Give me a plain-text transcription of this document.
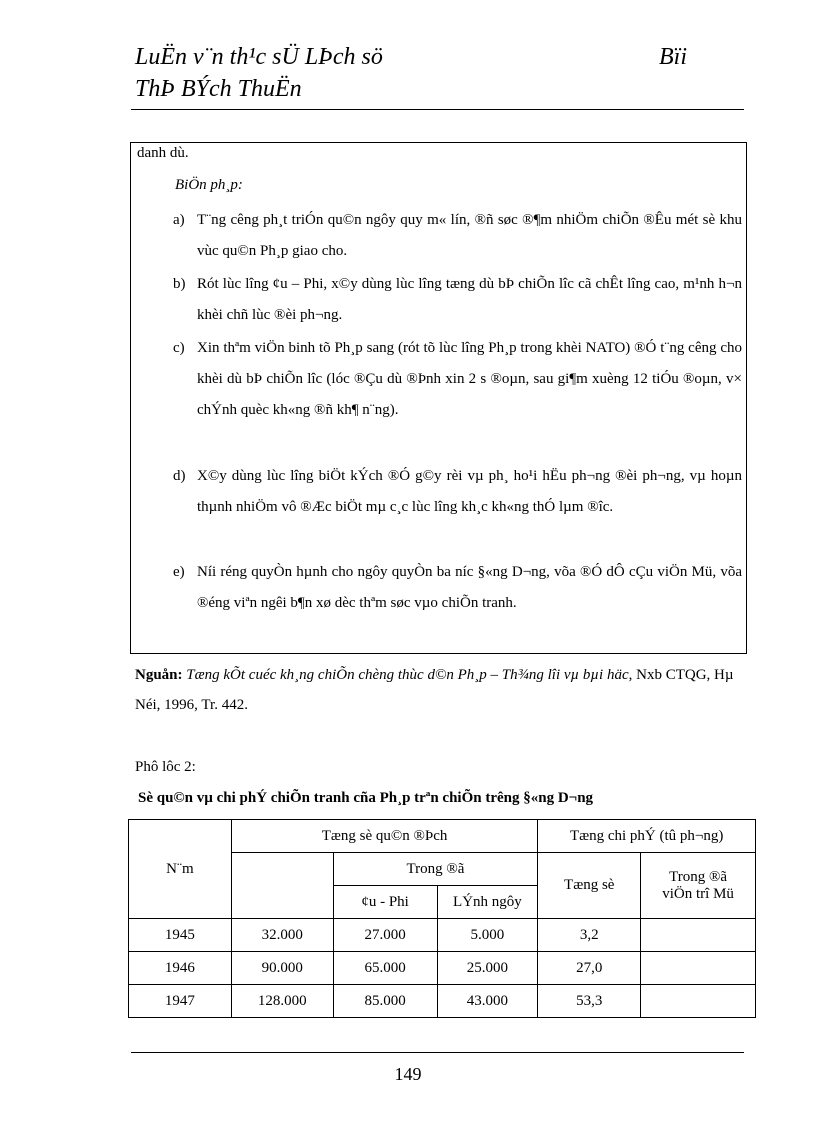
LuËn v¨n th¹c sÜ LÞch sö	Bïi
ThÞ BÝch ThuËn

danh dù.

BiÖn ph¸p:

a) T¨ng cêng ph¸t triÓn qu©n ngôy quy m« lín, ®ñ søc ®¶m nhiÖm chiÕn ®Êu mét sè khu vùc qu©n Ph¸p giao cho.
b) Rót lùc lîng ¢u – Phi, x©y dùng lùc lîng tæng dù bÞ chiÕn lîc cã chÊt lîng cao, m¹nh h¬n khèi chñ lùc ®èi ph¬ng.
c) Xin thªm viÖn binh tõ Ph¸p sang (rót tõ lùc lîng Ph¸p trong khèi NATO) ®Ó t¨ng cêng cho khèi dù bÞ chiÕn lîc (lóc ®Çu dù ®Þnh xin 2 s ®oµn, sau gi¶m xuèng 12 tiÓu ®oµn, v× chÝnh quèc kh«ng ®ñ kh¶ n¨ng).
d) X©y dùng lùc lîng biÖt kÝch ®Ó g©y rèi vµ ph¸ ho¹i hËu ph¬ng ®èi ph¬ng, vµ hoµn thµnh nhiÖm vô ®Æc biÖt mµ c¸c lùc lîng kh¸c kh«ng thÓ lµm ®îc.
e) Níi réng quyÒn hµnh cho ngôy quyÒn ba níc §«ng D¬ng, võa ®Ó dÔ cÇu viÖn Mü, võa ®éng viªn ngêi b¶n xø dèc thªm søc vµo chiÕn tranh.
Nguån: Tæng kÕt cuéc kh¸ng chiÕn chèng thùc d©n Ph¸p – Th¾ng lîi vµ bµi häc, Nxb CTQG, Hµ Néi, 1996, Tr. 442.
Phô lôc 2:
Sè qu©n vµ chi phÝ chiÕn tranh cña Ph¸p trªn chiÕn trêng §«ng D¬ng
N¨m	Tæng sè qu©n ®Þch			Tæng chi phÝ (tû ph¬ng)	
		Trong ®ã		Tæng sè	Trong ®ã
viÖn trî Mü
		¢u - Phi	LÝnh ngôy		
1945	32.000	27.000	5.000	3,2	
1946	90.000	65.000	25.000	27,0	
1947	128.000	85.000	43.000	53,3	
149
